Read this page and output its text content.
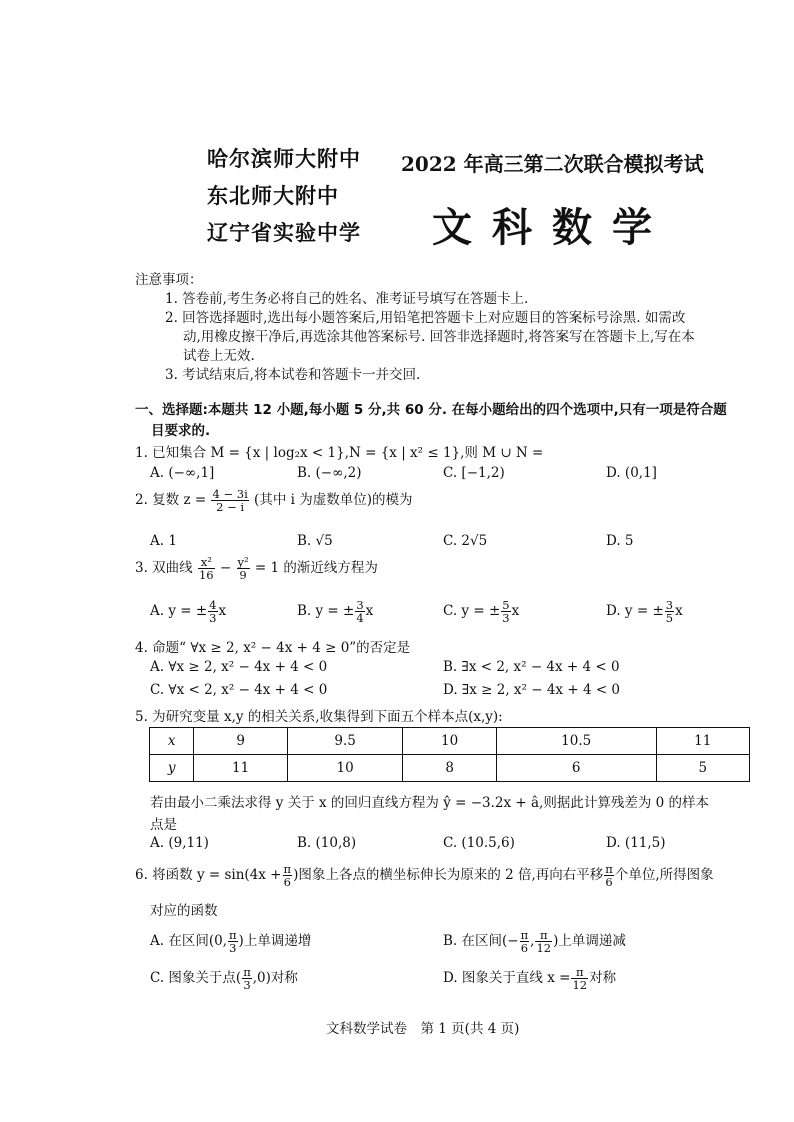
哈尔滨师大附中
东北师大附中
辽宁省实验中学
2022 年高三第二次联合模拟考试
文科数学
注意事项：
1. 答卷前,考生务必将自己的姓名、准考证号填写在答题卡上.
2. 回答选择题时,选出每小题答案后,用铅笔把答题卡上对应题目的答案标号涂黑. 如需改
动,用橡皮擦干净后,再选涂其他答案标号. 回答非选择题时,将答案写在答题卡上,写在本
试卷上无效.
3. 考试结束后,将本试卷和答题卡一并交回.
一、选择题:本题共 12 小题,每小题 5 分,共 60 分. 在每小题给出的四个选项中,只有一项是符合题
目要求的.
1. 已知集合 M = {x | log₂x < 1},N = {x | x² ≤ 1},则 M ∪ N =
A. (−∞,1]	B. (−∞,2)	C. [−1,2)	D. (0,1]
2. 复数 $z = \frac{4 - 3i}{2 - i}$ (其中 i 为虚数单位)的模为
A. 1	B. √5	C. 2√5	D. 5
3. 双曲线 $\frac{\text{x²}}{16} - \frac{\text{y²}}{9} = 1$ 的渐近线方程为
A. y = ± $\frac{4}{3}$ x	B. y = ± $\frac{3}{4}$ x	C. y = ± $\frac{5}{3}$ x	D. y = ± $\frac{3}{5}$ x
4. 命题“ ∀x ≥ 2, x² − 4x + 4 ≥ 0”的否定是
A. ∀x ≥ 2, x² − 4x + 4 < 0	B. ∃x < 2, x² − 4x + 4 < 0
C. ∀x < 2, x² − 4x + 4 < 0	D. ∃x ≥ 2, x² − 4x + 4 < 0
5. 为研究变量 x,y 的相关关系,收集得到下面五个样本点(x,y):
x	9	9.5	10	10.5	11
y	11	10	8	6	5
若由最小二乘法求得 y 关于 x 的回归直线方程为 ŷ = −3.2x + â,则据此计算残差为 0 的样本
点是
A. (9,11)	B. (10,8)	C. (10.5,6)	D. (11,5)
6. 将函数 $y = \sin(4x + \frac{\pi}{6}$ )图象上各点的横坐标伸长为原来的 2 倍,再向右平移 $\frac{\pi}{6}$ 个单位,所得图象
对应的函数
A. 在区间(0, $\frac{\pi}{3}$ )上单调递增	B. 在区间(− $\frac{\pi}{6}$ , $\frac{\pi}{12}$ )上单调递减
C. 图象关于点( $\frac{\pi}{3} ,0$)对称	D. 图象关于直线 $x = \frac{\pi}{12}$ 对称
文科数学试卷　第 1 页(共 4 页)
